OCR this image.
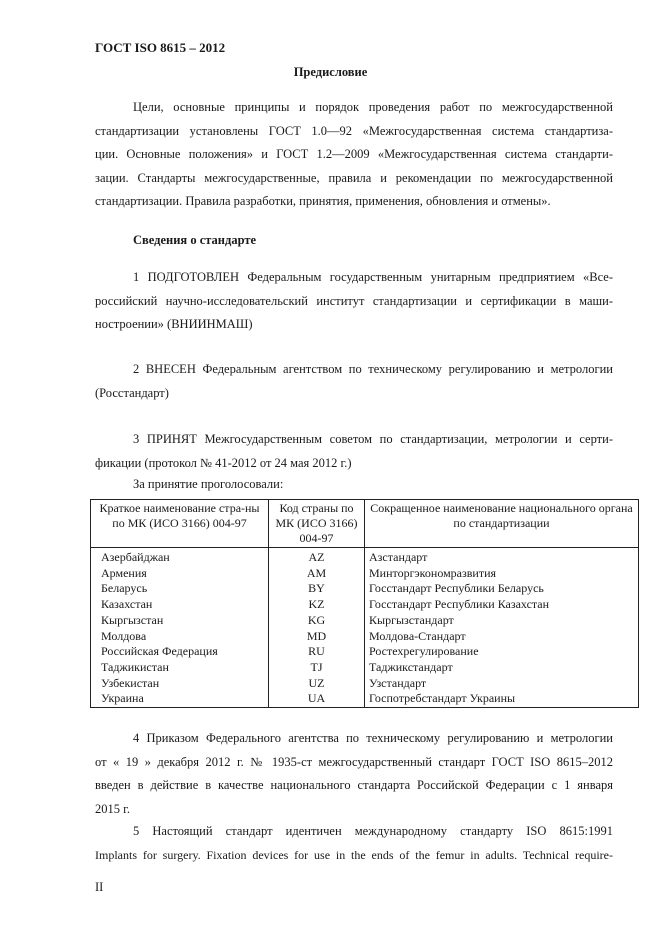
ГОСТ ISO 8615 – 2012
Предисловие
Цели, основные принципы и порядок проведения работ по межгосударственной
стандартизации установлены ГОСТ 1.0—92 «Межгосударственная система стандартиза-
ции. Основные положения» и ГОСТ 1.2—2009 «Межгосударственная система стандарти-
зации. Стандарты межгосударственные, правила и рекомендации по межгосударственной
стандартизации. Правила разработки, принятия, применения, обновления и отмены».
Сведения о стандарте
1 ПОДГОТОВЛЕН Федеральным государственным унитарным предприятием «Все-
российский научно-исследовательский институт стандартизации и сертификации в маши-
ностроении» (ВНИИНМАШ)
2 ВНЕСЕН Федеральным агентством по техническому регулированию и метрологии
(Росстандарт)
3 ПРИНЯТ Межгосударственным советом по стандартизации, метрологии и серти-
фикации (протокол № 41-2012 от 24 мая 2012 г.)
За принятие проголосовали:
Краткое наименование стра-ны по МК (ИСО 3166) 004-97	Код страны по МК (ИСО 3166) 004-97	Сокращенное наименование национального органа по стандартизации
Азербайджан	AZ	Азстандарт
Армения	AM	Минторгэкономразвития
Беларусь	BY	Госстандарт Республики Беларусь
Казахстан	KZ	Госстандарт Республики Казахстан
Кыргызстан	KG	Кыргызстандарт
Молдова	MD	Молдова-Стандарт
Российская Федерация	RU	Ростехрегулирование
Таджикистан	TJ	Таджикстандарт
Узбекистан	UZ	Узстандарт
Украина	UA	Госпотребстандарт Украины
4 Приказом Федерального агентства по техническому регулированию и метрологии
от « 19 » декабря 2012 г. № 1935-ст межгосударственный стандарт ГОСТ ISO 8615–2012
введен в действие в качестве национального стандарта Российской Федерации с 1 января
2015 г.
5 Настоящий стандарт идентичен международному стандарту ISO 8615:1991
Implants for surgery. Fixation devices for use in the ends of the femur in adults. Technical require-
II
